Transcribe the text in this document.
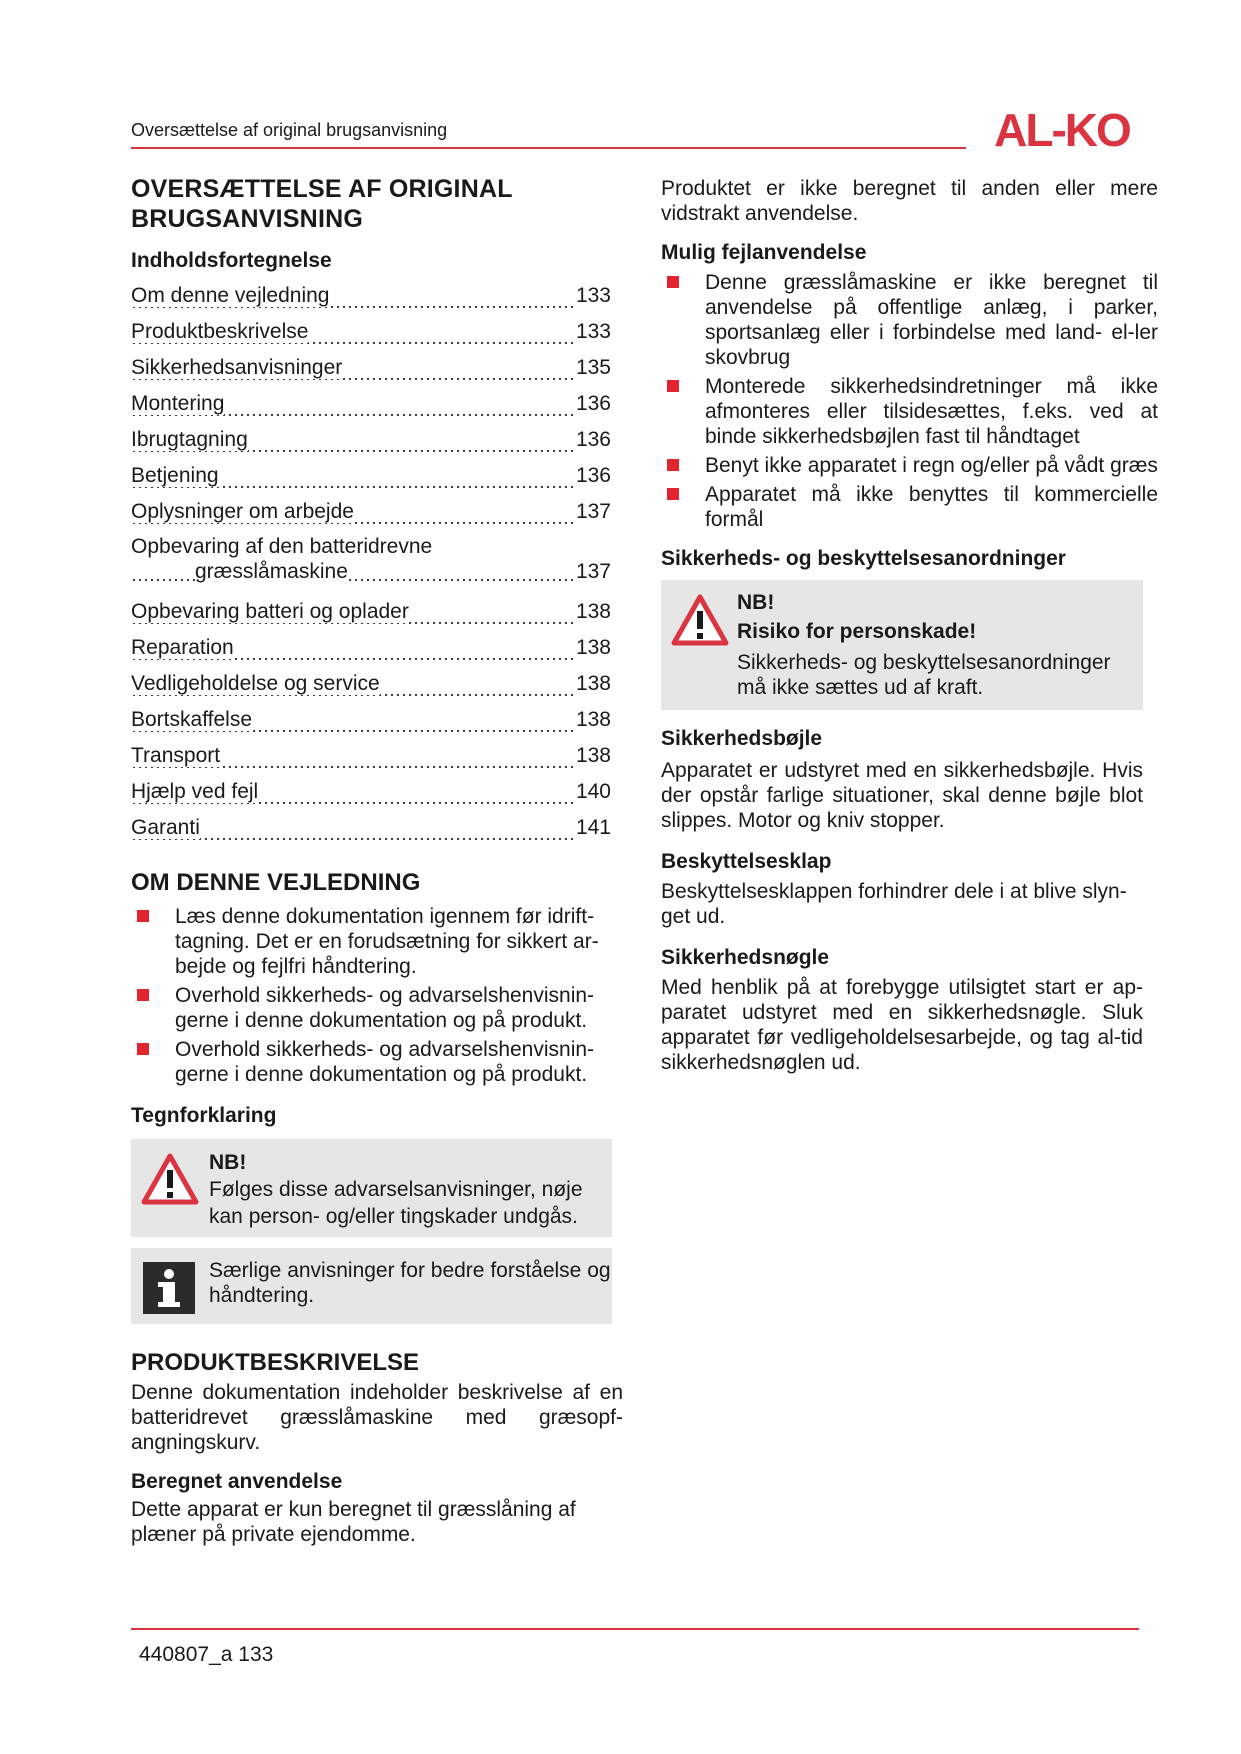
Oversættelse af original brugsanvisning	AL-KO
OVERSÆTTELSE AF ORIGINAL BRUGSANVISNING
Indholdsfortegnelse
133
Om denne vejledning
133
Produktbeskrivelse
135
Sikkerhedsanvisninger
136
Montering
136
Ibrugtagning
136
Betjening
137
Oplysninger om arbejde
Opbevaring af den batteridrevne
137
græsslåmaskine
138
Opbevaring batteri og oplader
138
Reparation
138
Vedligeholdelse og service
138
Bortskaffelse
138
Transport
140
Hjælp ved fejl
141
Garanti
OM DENNE VEJLEDNING
Læs denne dokumentation igennem før idrift-tagning. Det er en forudsætning for sikkert ar-bejde og fejlfri håndtering.
Overhold sikkerheds- og advarselshenvisnin-gerne i denne dokumentation og på produkt.
Overhold sikkerheds- og advarselshenvisnin-gerne i denne dokumentation og på produkt.
Tegnforklaring
NB!
Følges disse advarselsanvisninger, nøje kan person- og/eller tingskader undgås.
Særlige anvisninger for bedre forståelse og håndtering.
PRODUKTBESKRIVELSE

Denne dokumentation indeholder beskrivelse af en batteridrevet græsslåmaskine med græsopf-angningskurv.

Beregnet anvendelse

Dette apparat er kun beregnet til græsslåning af plæner på private ejendomme.

Produktet er ikke beregnet til anden eller mere vidstrakt anvendelse.

Mulig fejlanvendelse
Denne græsslåmaskine er ikke beregnet til anvendelse på offentlige anlæg, i parker, sportsanlæg eller i forbindelse med land- el-ler skovbrug
Monterede sikkerhedsindretninger må ikke afmonteres eller tilsidesættes, f.eks. ved at binde sikkerhedsbøjlen fast til håndtaget
Benyt ikke apparatet i regn og/eller på vådt græs
Apparatet må ikke benyttes til kommercielle formål
Sikkerheds- og beskyttelsesanordninger
NB!
Risiko for personskade!
Sikkerheds- og beskyttelsesanordninger må ikke sættes ud af kraft.
Sikkerhedsbøjle

Apparatet er udstyret med en sikkerhedsbøjle. Hvis der opstår farlige situationer, skal denne bøjle blot slippes. Motor og kniv stopper.

Beskyttelsesklap

Beskyttelsesklappen forhindrer dele i at blive slyn-get ud.

Sikkerhedsnøgle

Med henblik på at forebygge utilsigtet start er ap-paratet udstyret med en sikkerhedsnøgle. Sluk apparatet før vedligeholdelsesarbejde, og tag al-tid sikkerhedsnøglen ud.

440807_a 133
